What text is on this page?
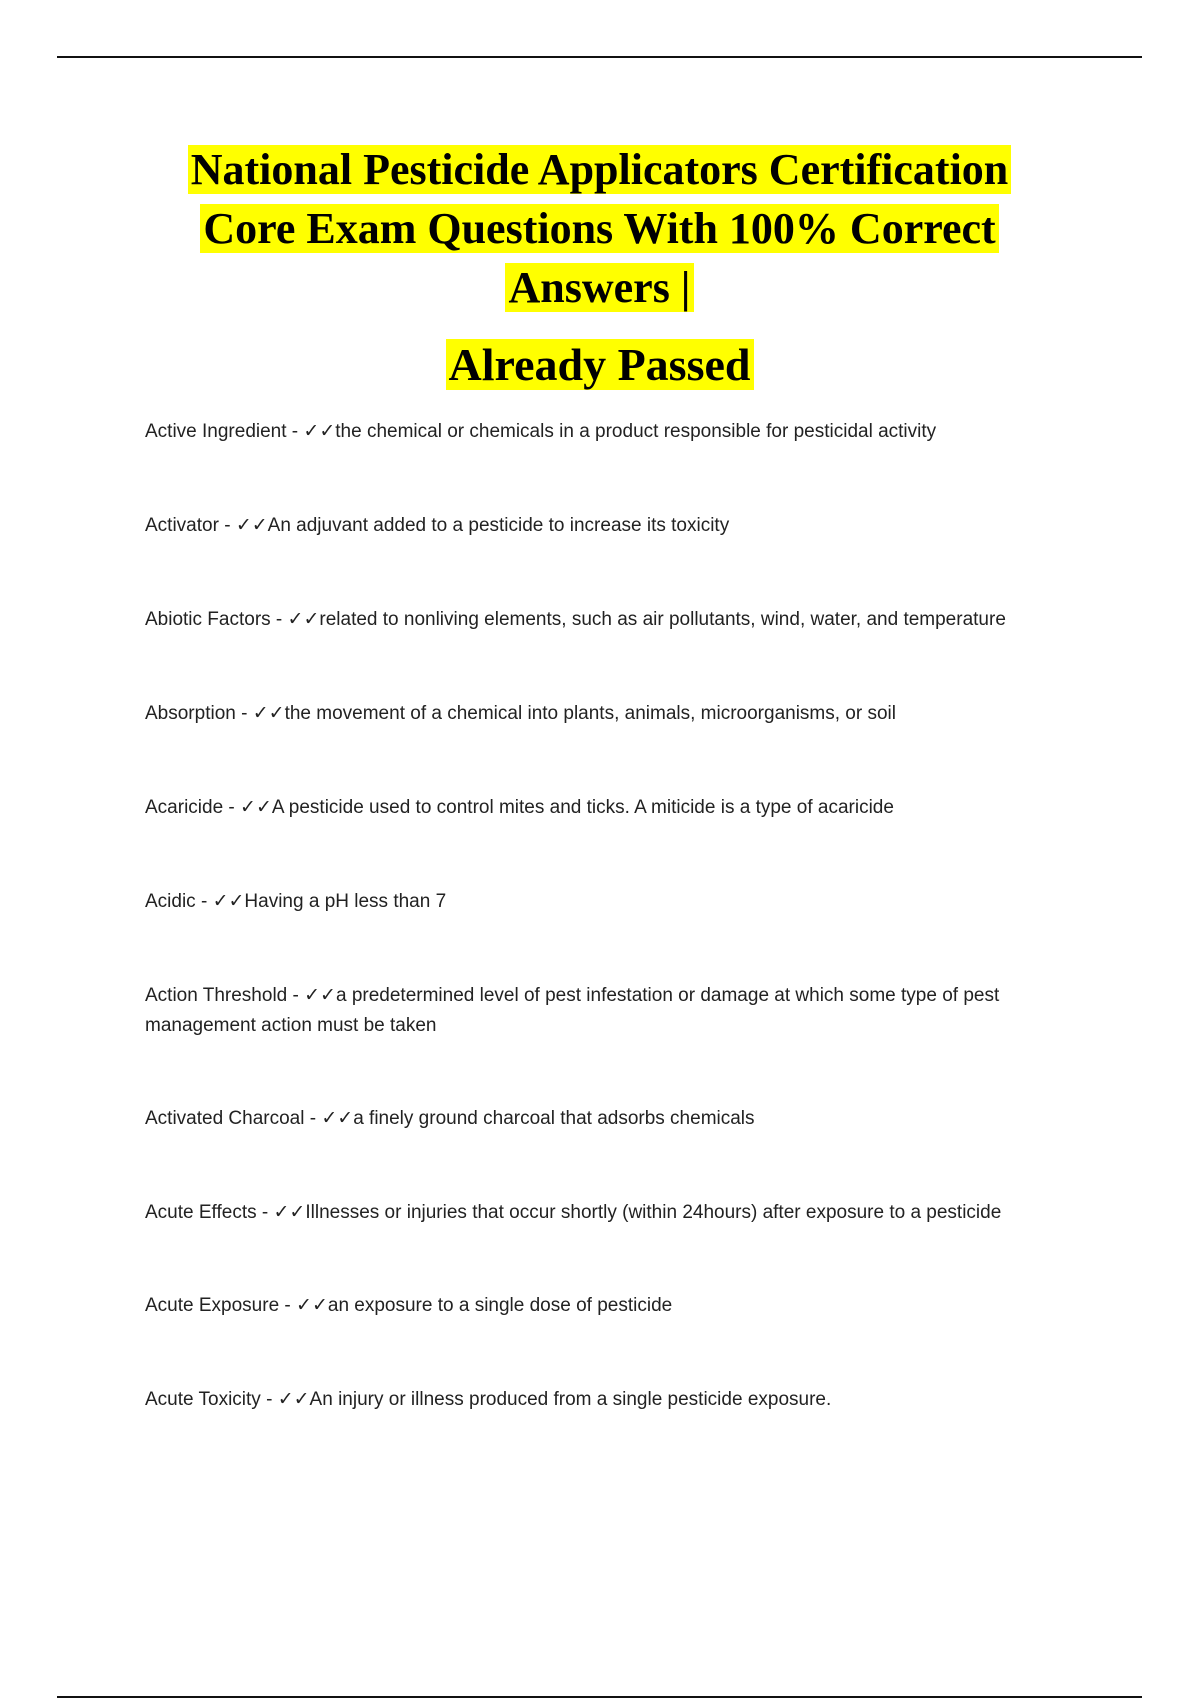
National Pesticide Applicators Certification

Core Exam Questions With 100% Correct

Answers |

Already Passed

Active Ingredient - ✓✓the chemical or chemicals in a product responsible for pesticidal activity

Activator - ✓✓An adjuvant added to a pesticide to increase its toxicity

Abiotic Factors - ✓✓related to nonliving elements, such as air pollutants, wind, water, and temperature

Absorption - ✓✓the movement of a chemical into plants, animals, microorganisms, or soil

Acaricide - ✓✓A pesticide used to control mites and ticks. A miticide is a type of acaricide

Acidic - ✓✓Having a pH less than 7

Action Threshold - ✓✓a predetermined level of pest infestation or damage at which some type of pest management action must be taken

Activated Charcoal - ✓✓a finely ground charcoal that adsorbs chemicals

Acute Effects - ✓✓Illnesses or injuries that occur shortly (within 24hours) after exposure to a pesticide

Acute Exposure - ✓✓an exposure to a single dose of pesticide

Acute Toxicity - ✓✓An injury or illness produced from a single pesticide exposure.
